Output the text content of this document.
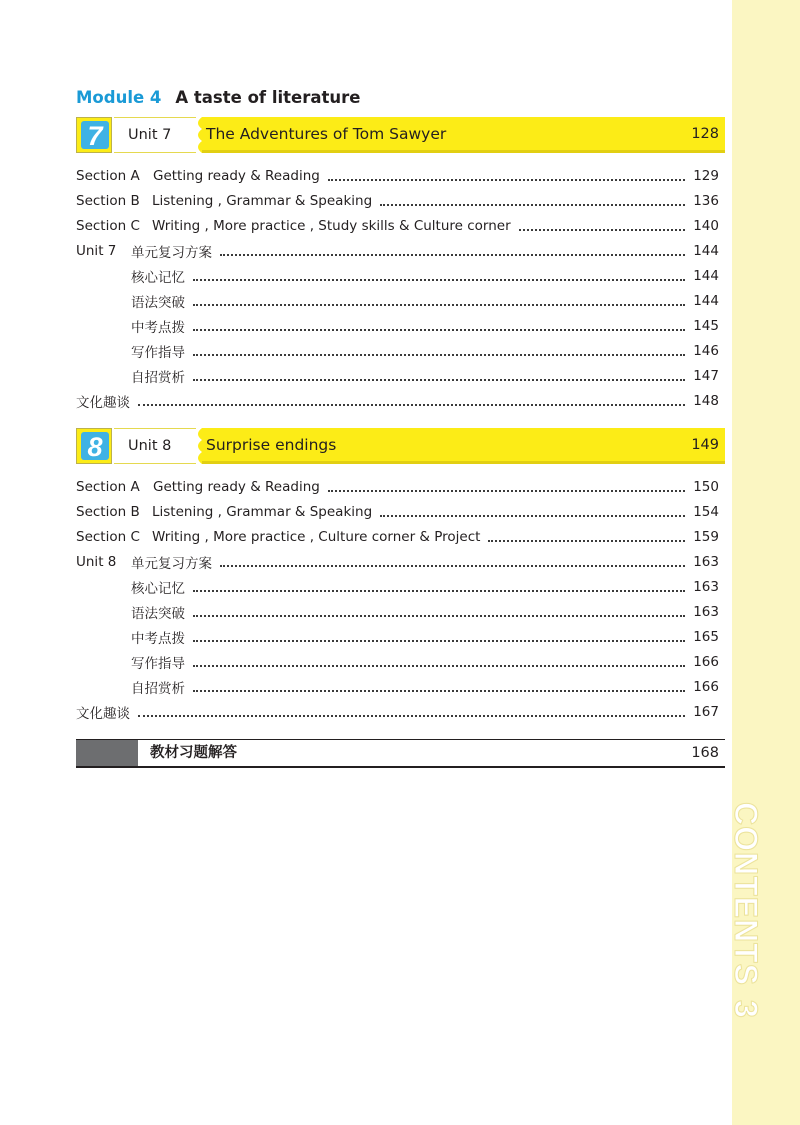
CONTENTS3
Module 4 A taste of literature
7	Unit 7 The Adventures of Tom Sawyer	128
Section A Getting ready & Reading	129
Section B Listening , Grammar & Speaking	136
Section C Writing , More practice , Study skills & Culture corner	140
Unit 7	单元复习方案	144
核心记忆	144
语法突破	144
中考点拨	145
写作指导	146
自招赏析	147
文化趣谈	148
8	Unit 8 Surprise endings	149
Section A Getting ready & Reading	150
Section B Listening , Grammar & Speaking	154
Section C Writing , More practice , Culture corner & Project	159
Unit 8	单元复习方案	163
核心记忆	163
语法突破	163
中考点拨	165
写作指导	166
自招赏析	166
文化趣谈	167
教材习题解答	168
